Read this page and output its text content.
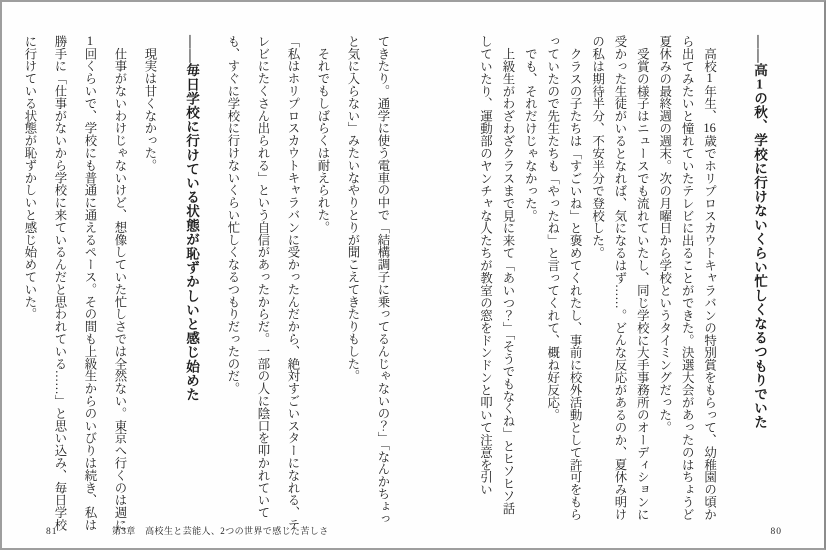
てきたり。通学に使う電車の中で「結構調子に乗ってるんじゃないの？」「なんかちょっと気に入らない」みたいなやりとりが聞こえてきたりもした。

　それでもしばらくは耐えられた。

「私はホリプロスカウトキャラバンに受かったんだから、絶対すごいスターになれる、テレビにたくさん出られる」という自信があったからだ。一部の人に陰口を叩かれていても、すぐに学校に行けないくらい忙しくなるつもりだったのだ。

――毎日学校に行けている状態が恥ずかしいと感じ始めた

　現実は甘くなかった。

　仕事がないわけじゃないけど、想像していた忙しさでは全然ない。東京へ行くのは週に1回くらいで、学校にも普通に通えるペース。その間も上級生からのいびりは続き、私は勝手に「仕事がないから学校に来ているんだと思われている……」と思い込み、毎日学校に行けている状態が恥ずかしいと感じ始めていた。

81	第3章　高校生と芸能人、2つの世界で感じた苦しさ
――高1の秋、学校に行けないくらい忙しくなるつもりでいた

　高校1年生、16歳でホリプロスカウトキャラバンの特別賞をもらって、幼稚園の頃から出てみたいと憧れていたテレビに出ることができた。決選大会があったのはちょうど夏休みの最終週の週末。次の月曜日から学校というタイミングだった。

　受賞の様子はニュースでも流れていたし、同じ学校に大手事務所のオーディションに受かった生徒がいるとなれば、気になるはず……。どんな反応があるのか、夏休み明けの私は期待半分、不安半分で登校した。

　クラスの子たちは「すごいね」と褒めてくれたし、事前に校外活動として許可をもらっていたので先生たちも「やったね」と言ってくれて、概ね好反応。

　でも、それだけじゃなかった。

　上級生がわざわざクラスまで見に来て「あいつ？」「そうでもなくね」とヒソヒソ話していたり、運動部のヤンチャな人たちが教室の窓をドンドンと叩いて注意を引い

80
